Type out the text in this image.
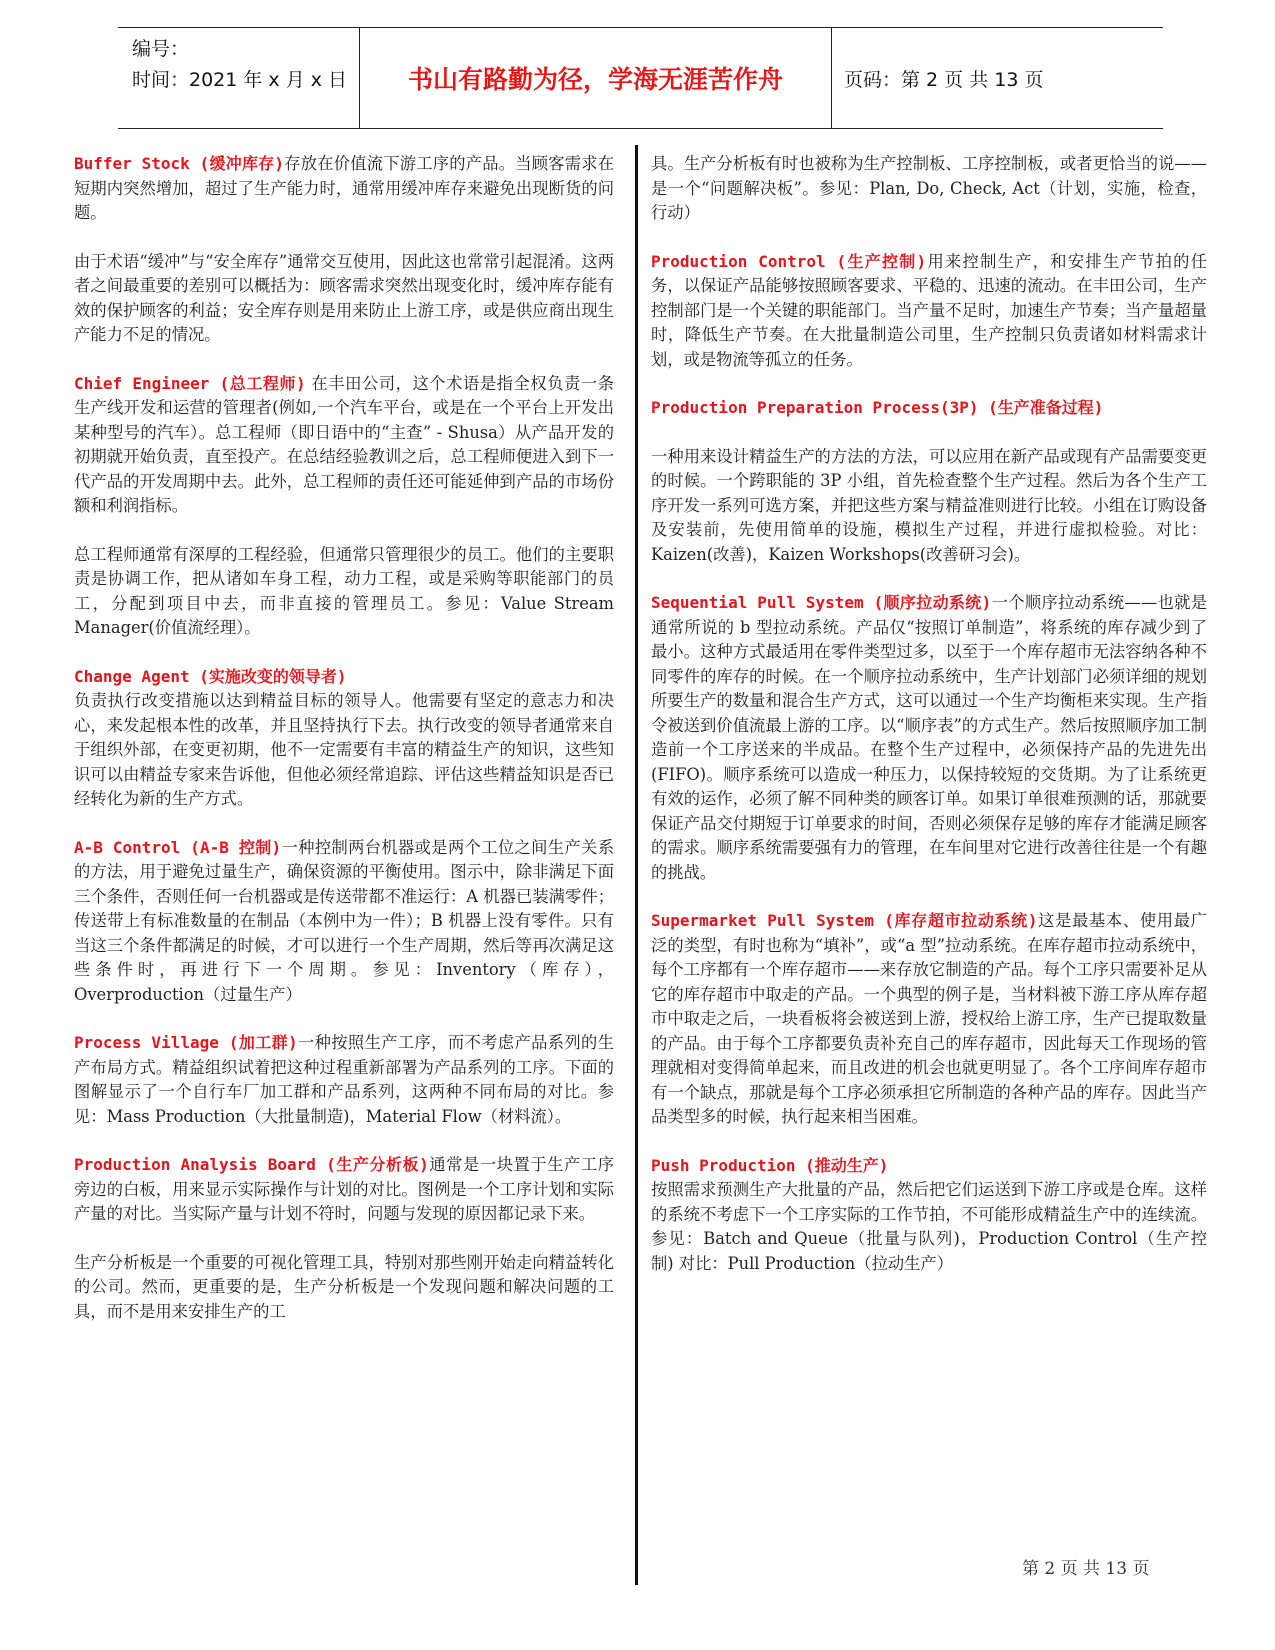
编号：
时间：2021 年 x 月 x 日	书山有路勤为径，学海无涯苦作舟	页码：第 2 页 共 13 页
Buffer Stock (缓冲库存)存放在价值流下游工序的产品。当顾客需求在短期内突然增加，超过了生产能力时，通常用缓冲库存来避免出现断货的问题。

由于术语“缓冲”与“安全库存”通常交互使用，因此这也常常引起混淆。这两者之间最重要的差别可以概括为：顾客需求突然出现变化时，缓冲库存能有效的保护顾客的利益；安全库存则是用来防止上游工序，或是供应商出现生产能力不足的情况。

Chief Engineer (总工程师) 在丰田公司，这个术语是指全权负责一条生产线开发和运营的管理者(例如,一个汽车平台，或是在一个平台上开发出某种型号的汽车）。总工程师（即日语中的“主查” - Shusa）从产品开发的初期就开始负责，直至投产。在总结经验教训之后，总工程师便进入到下一代产品的开发周期中去。此外，总工程师的责任还可能延伸到产品的市场份额和利润指标。

总工程师通常有深厚的工程经验，但通常只管理很少的员工。他们的主要职责是协调工作，把从诸如车身工程，动力工程，或是采购等职能部门的员工，分配到项目中去，而非直接的管理员工。参见：Value Stream Manager(价值流经理）。

Change Agent (实施改变的领导者)
负责执行改变措施以达到精益目标的领导人。他需要有坚定的意志力和决心，来发起根本性的改革，并且坚持执行下去。执行改变的领导者通常来自于组织外部，在变更初期，他不一定需要有丰富的精益生产的知识，这些知识可以由精益专家来告诉他，但他必须经常追踪、评估这些精益知识是否已经转化为新的生产方式。
A-B Control (A-B 控制)一种控制两台机器或是两个工位之间生产关系的方法，用于避免过量生产，确保资源的平衡使用。图示中，除非满足下面三个条件，否则任何一台机器或是传送带都不准运行：A 机器已装满零件；传送带上有标准数量的在制品（本例中为一件）；B 机器上没有零件。只有当这三个条件都满足的时候，才可以进行一个生产周期，然后等再次满足这些条件时，再进行下一个周期。参见：Inventory（库存），Overproduction（过量生产）
Process Village (加工群)一种按照生产工序，而不考虑产品系列的生产布局方式。精益组织试着把这种过程重新部署为产品系列的工序。下面的图解显示了一个自行车厂加工群和产品系列，这两种不同布局的对比。参见：Mass Production（大批量制造)，Material Flow（材料流）。
Production Analysis Board (生产分析板)通常是一块置于生产工序旁边的白板，用来显示实际操作与计划的对比。图例是一个工序计划和实际产量的对比。当实际产量与计划不符时，问题与发现的原因都记录下来。

生产分析板是一个重要的可视化管理工具，特别对那些刚开始走向精益转化的公司。然而，更重要的是，生产分析板是一个发现问题和解决问题的工具，而不是用来安排生产的工

具。生产分析板有时也被称为生产控制板、工序控制板，或者更恰当的说——是一个“问题解决板”。参见：Plan, Do, Check, Act（计划，实施，检查，行动）

Production Control (生产控制)用来控制生产，和安排生产节拍的任务，以保证产品能够按照顾客要求、平稳的、迅速的流动。在丰田公司，生产控制部门是一个关键的职能部门。当产量不足时，加速生产节奏；当产量超量时，降低生产节奏。在大批量制造公司里，生产控制只负责诸如材料需求计划，或是物流等孤立的任务。
Production Preparation Process(3P) (生产准备过程)

一种用来设计精益生产的方法的方法，可以应用在新产品或现有产品需要变更的时候。一个跨职能的 3P 小组，首先检查整个生产过程。然后为各个生产工序开发一系列可选方案，并把这些方案与精益准则进行比较。小组在订购设备及安装前，先使用简单的设施，模拟生产过程，并进行虚拟检验。对比：Kaizen(改善)，Kaizen Workshops(改善研习会)。

Sequential Pull System (顺序拉动系统)一个顺序拉动系统——也就是通常所说的 b 型拉动系统。产品仅“按照订单制造”，将系统的库存减少到了最小。这种方式最适用在零件类型过多，以至于一个库存超市无法容纳各种不同零件的库存的时候。在一个顺序拉动系统中，生产计划部门必须详细的规划所要生产的数量和混合生产方式，这可以通过一个生产均衡柜来实现。生产指令被送到价值流最上游的工序。以“顺序表”的方式生产。然后按照顺序加工制造前一个工序送来的半成品。在整个生产过程中，必须保持产品的先进先出(FIFO)。顺序系统可以造成一种压力，以保持较短的交货期。为了让系统更有效的运作，必须了解不同种类的顾客订单。如果订单很难预测的话，那就要保证产品交付期短于订单要求的时间，否则必须保存足够的库存才能满足顾客的需求。顺序系统需要强有力的管理，在车间里对它进行改善往往是一个有趣的挑战。
Supermarket Pull System (库存超市拉动系统)这是最基本、使用最广泛的类型，有时也称为“填补”，或“a 型”拉动系统。在库存超市拉动系统中，每个工序都有一个库存超市——来存放它制造的产品。每个工序只需要补足从它的库存超市中取走的产品。一个典型的例子是，当材料被下游工序从库存超市中取走之后，一块看板将会被送到上游，授权给上游工序，生产已提取数量的产品。由于每个工序都要负责补充自己的库存超市，因此每天工作现场的管理就相对变得简单起来，而且改进的机会也就更明显了。各个工序间库存超市有一个缺点，那就是每个工序必须承担它所制造的各种产品的库存。因此当产品类型多的时候，执行起来相当困难。
Push Production (推动生产)
按照需求预测生产大批量的产品，然后把它们运送到下游工序或是仓库。这样的系统不考虑下一个工序实际的工作节拍，不可能形成精益生产中的连续流。参见：Batch and Queue（批量与队列)，Production Control（生产控制) 对比：Pull Production（拉动生产）
第 2 页 共 13 页
